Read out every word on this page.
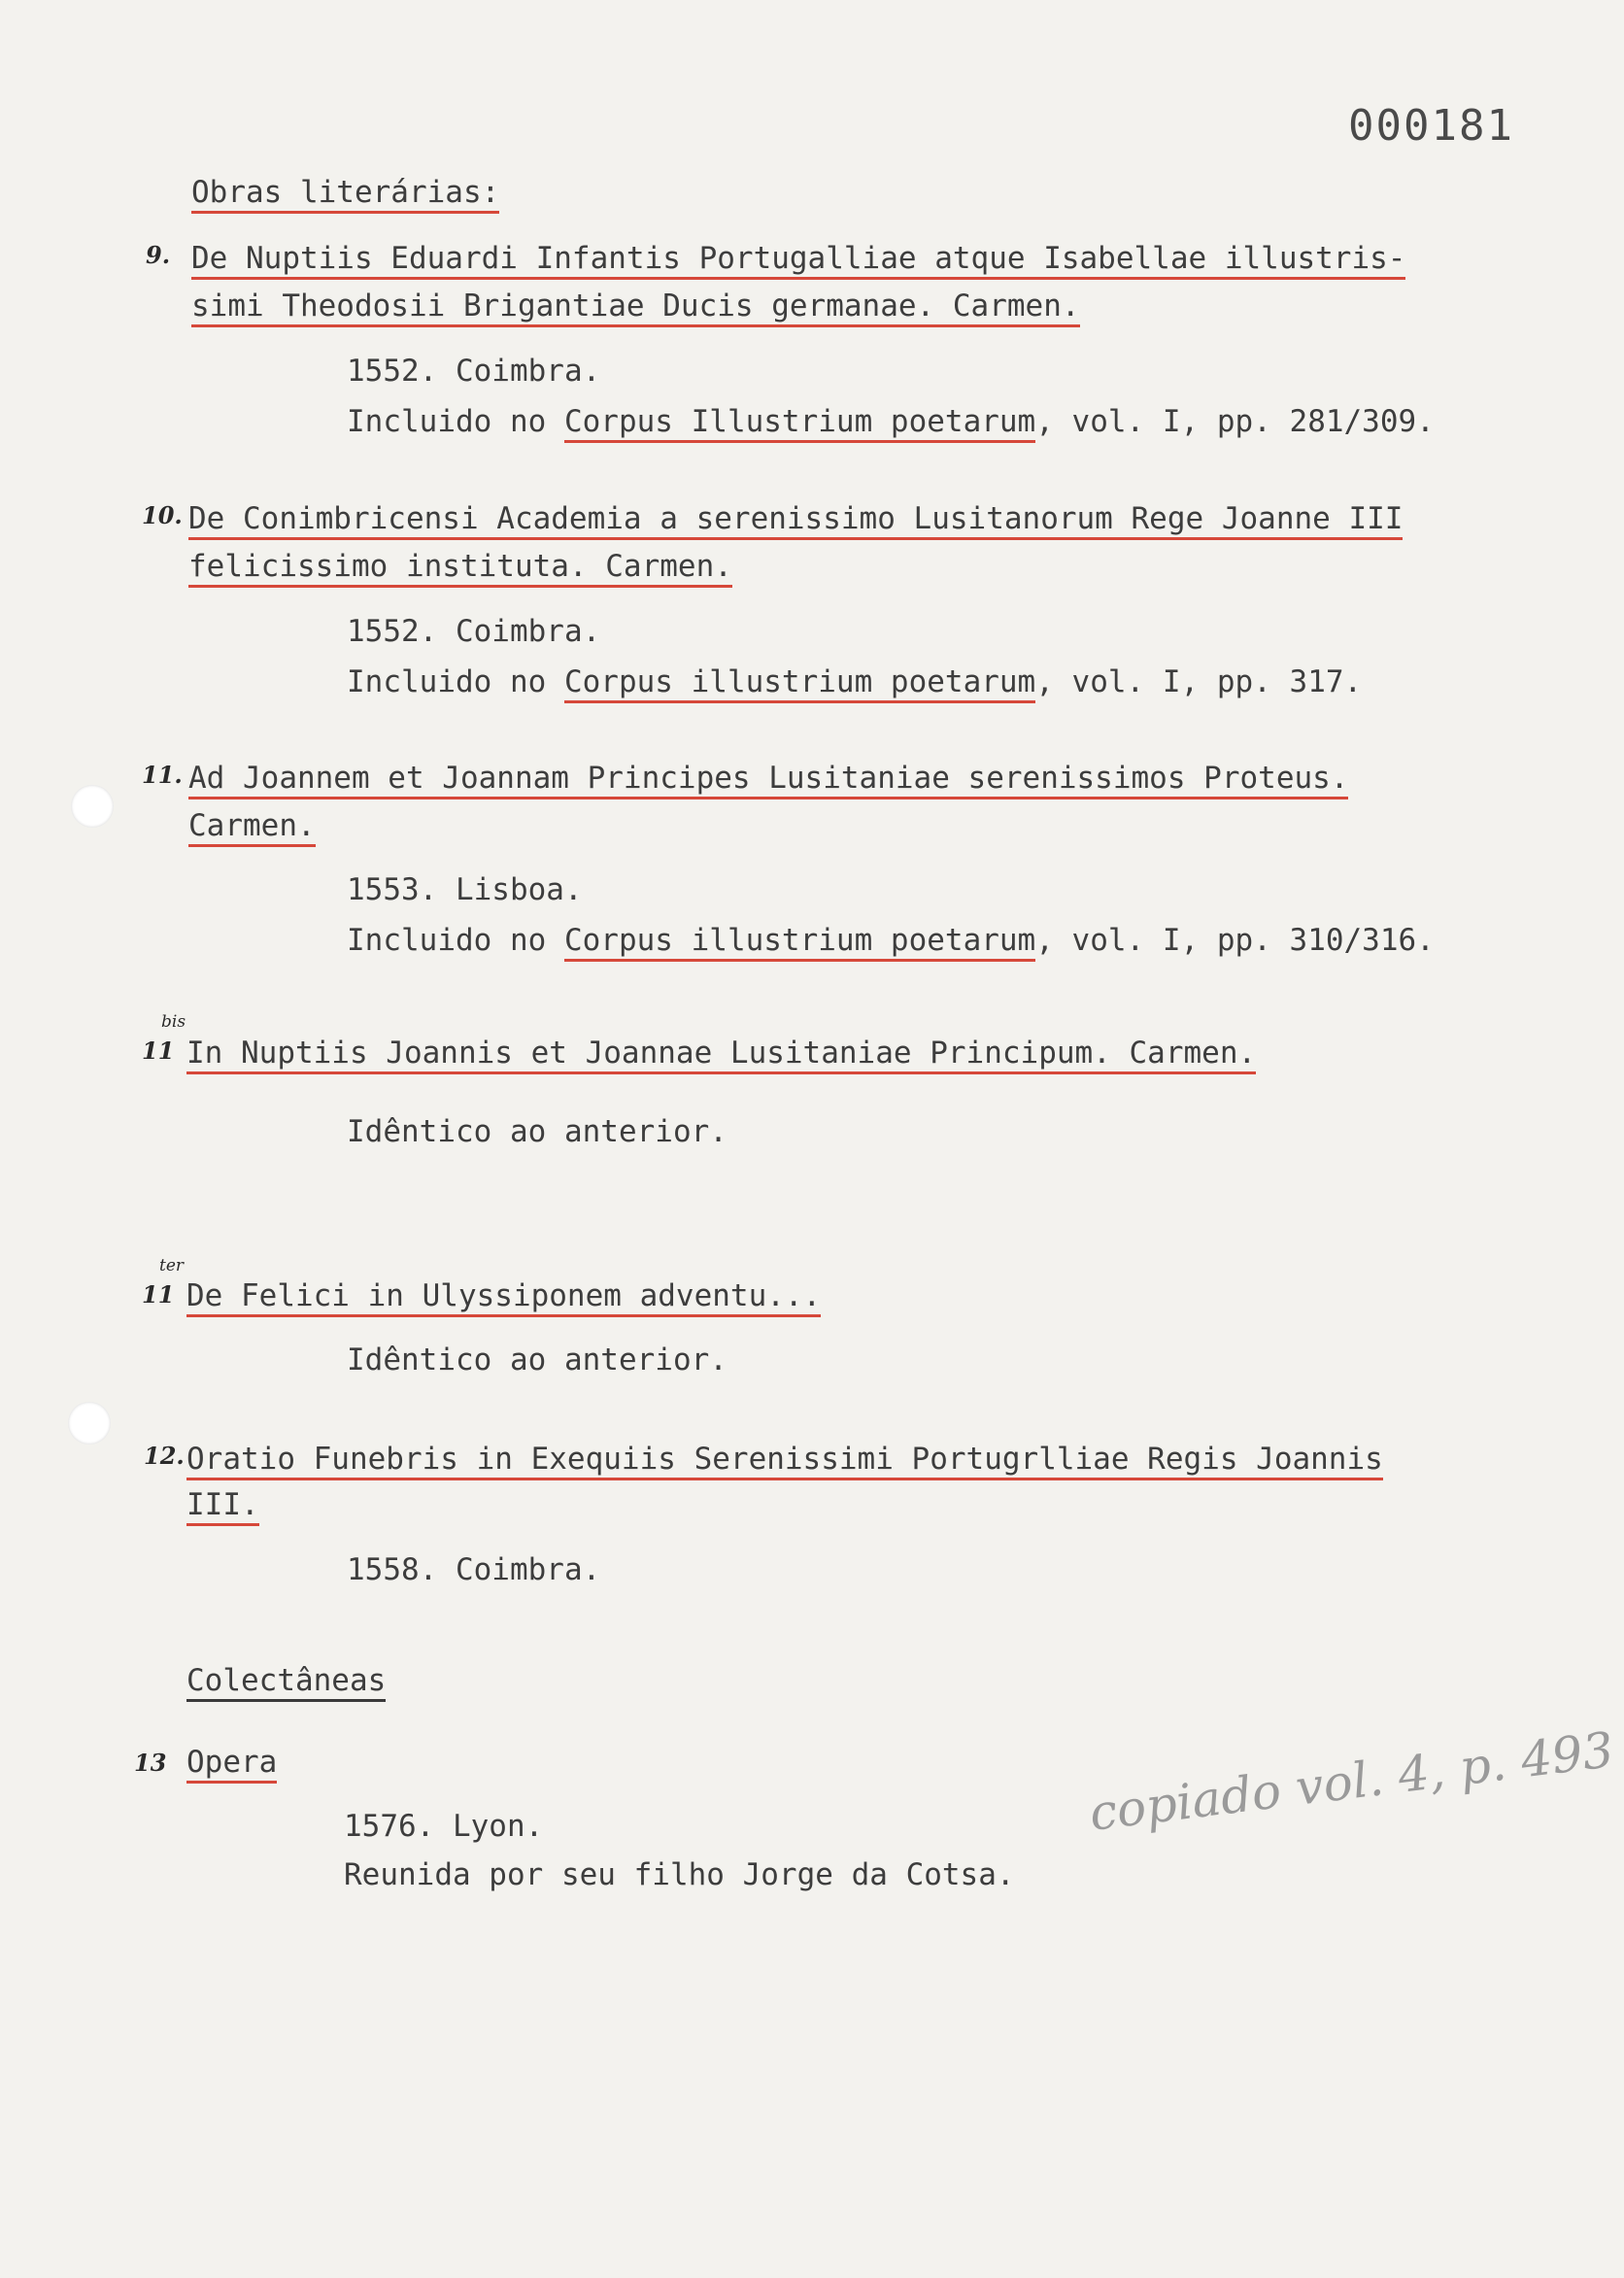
000181
Obras literárias:
9. De Nuptiis Eduardi Infantis Portugalliae atque Isabellae illustris-
simi Theodosii Brigantiae Ducis germanae. Carmen.
1552. Coimbra.
Incluido no Corpus Illustrium poetarum, vol. I, pp. 281/309.
10. De Conimbricensi Academia a serenissimo Lusitanorum Rege Joanne III
felicissimo instituta. Carmen.
1552. Coimbra.
Incluido no Corpus illustrium poetarum, vol. I, pp. 317.
11. Ad Joannem et Joannam Principes Lusitaniae serenissimos Proteus.
Carmen.
1553. Lisboa.
Incluido no Corpus illustrium poetarum, vol. I, pp. 310/316.
11
bis
In Nuptiis Joannis et Joannae Lusitaniae Principum. Carmen.
Idêntico ao anterior.
11
ter
De Felici in Ulyssiponem adventu...
Idêntico ao anterior.
12. Oratio Funebris in Exequiis Serenissimi Portugrlliae Regis Joannis
III.
1558. Coimbra.
Colectâneas
13 Opera
1576. Lyon.
Reunida por seu filho Jorge da Cotsa.
copiado vol. 4, p. 493
